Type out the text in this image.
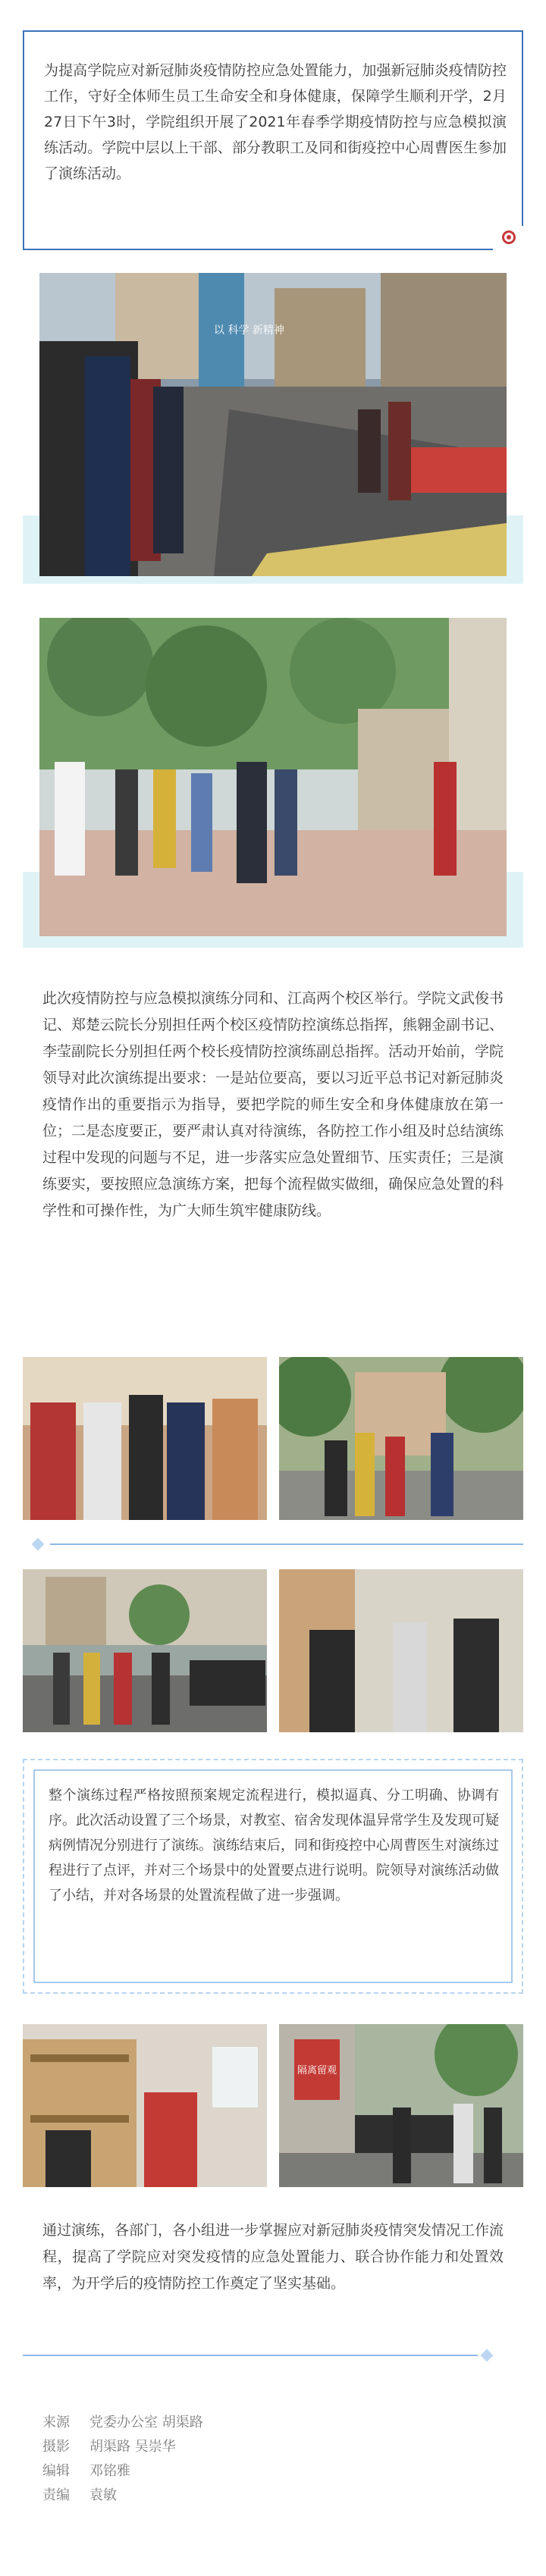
为提高学院应对新冠肺炎疫情防控应急处置能力，加强新冠肺炎疫情防控工作，守好全体师生员工生命安全和身体健康，保障学生顺利开学，2月27日下午3时，学院组织开展了2021年春季学期疫情防控与应急模拟演练活动。学院中层以上干部、部分教职工及同和街疫控中心周曹医生参加了演练活动。

以 科学 新精神

此次疫情防控与应急模拟演练分同和、江高两个校区举行。学院文武俊书记、郑楚云院长分别担任两个校区疫情防控演练总指挥，熊翱金副书记、李莹副院长分别担任两个校长疫情防控演练副总指挥。活动开始前，学院领导对此次演练提出要求：一是站位要高，要以习近平总书记对新冠肺炎疫情作出的重要指示为指导，要把学院的师生安全和身体健康放在第一位；二是态度要正，要严肃认真对待演练，各防控工作小组及时总结演练过程中发现的问题与不足，进一步落实应急处置细节、压实责任；三是演练要实，要按照应急演练方案，把每个流程做实做细，确保应急处置的科学性和可操作性，为广大师生筑牢健康防线。

整个演练过程严格按照预案规定流程进行，模拟逼真、分工明确、协调有序。此次活动设置了三个场景，对教室、宿舍发现体温异常学生及发现可疑病例情况分别进行了演练。演练结束后，同和街疫控中心周曹医生对演练过程进行了点评，并对三个场景中的处置要点进行说明。院领导对演练活动做了小结，并对各场景的处置流程做了进一步强调。

隔离留观

通过演练，各部门，各小组进一步掌握应对新冠肺炎疫情突发情况工作流程，提高了学院应对突发疫情的应急处置能力、联合协作能力和处置效率，为开学后的疫情防控工作奠定了坚实基础。

来源 党委办公室 胡渠路
摄影 胡渠路 吴崇华
编辑 邓铭雅
责编 袁敏
